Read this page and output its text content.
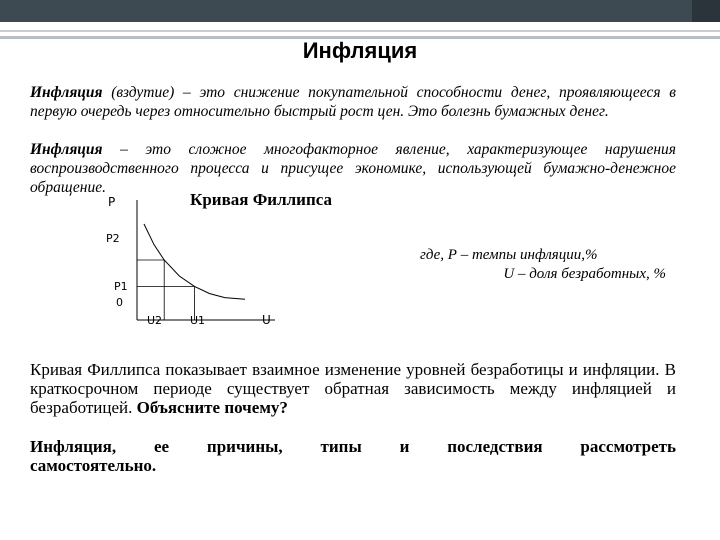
Инфляция

Инфляция (вздутие) – это снижение покупательной способности денег, проявляющееся в первую очередь через относительно быстрый рост цен. Это болезнь бумажных денег.

Инфляция – это сложное многофакторное явление, характеризующее нарушения воспроизводственного процесса и присущее экономике, использующей бумажно-денежное обращение.

Кривая Филлипса
P
P2
P1
0
U2	U1	U
где, Р – темпы инфляции,%
U – доля безработных, %

Кривая Филлипса показывает взаимное изменение уровней безработицы и инфляции. В краткосрочном периоде существует обратная зависимость между инфляцией и безработицей. Объясните почему?

Инфляция, ее причины, типы и последствия рассмотреть

самостоятельно.
